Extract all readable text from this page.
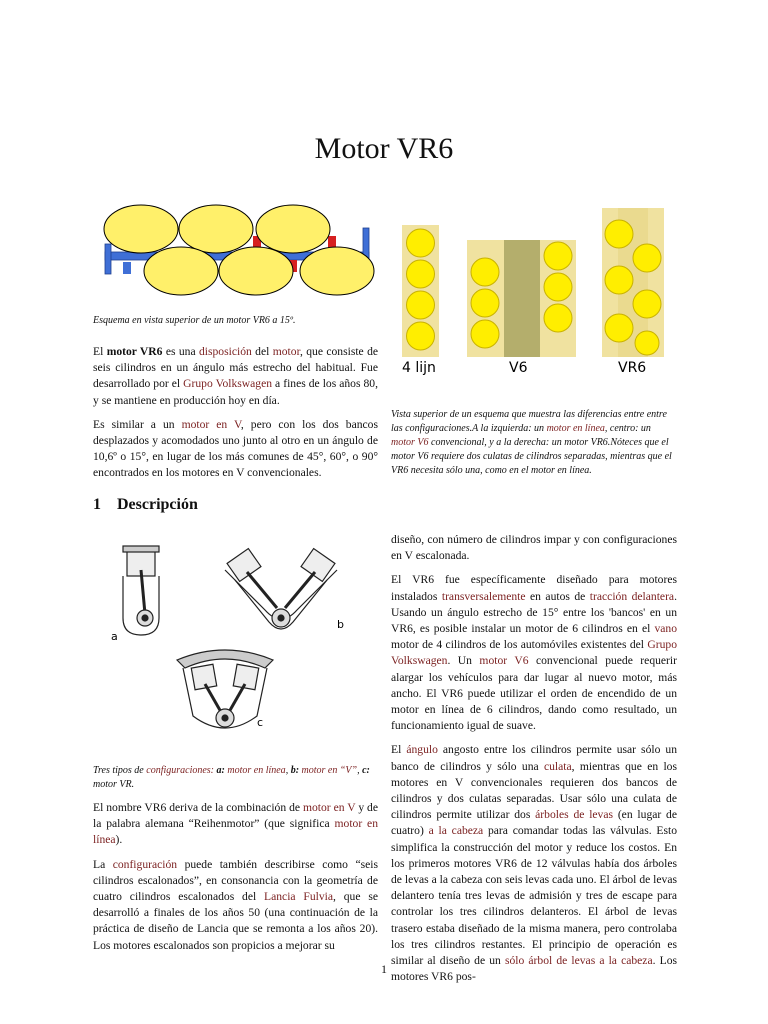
Motor VR6
Esquema en vista superior de un motor VR6 a 15º.
4 lijn	V6	VR6
Vista superior de un esquema que muestra las diferencias entre entre las configuraciones.A la izquierda: un motor en línea, centro: un motor V6 convencional, y a la derecha: un motor VR6.Nóteces que el motor V6 requiere dos culatas de cilindros separadas, mientras que el VR6 necesita sólo una, como en el motor en línea.

El motor VR6 es una disposición del motor, que consiste de seis cilindros en un ángulo más estrecho del habitual. Fue desarrollado por el Grupo Volkswagen a fines de los años 80, y se mantiene en producción hoy en día.

Es similar a un motor en V, pero con los dos bancos desplazados y acomodados uno junto al otro en un ángulo de 10,6º o 15°, en lugar de los más comunes de 45°, 60°, o 90° encontrados en los motores en V convencionales.

1 Descripción
a
b
c
Tres tipos de configuraciones: a: motor en línea, b: motor en “V”, c: motor VR.

El nombre VR6 deriva de la combinación de motor en V y de la palabra alemana “Reihenmotor” (que significa motor en línea).

La configuración puede también describirse como “seis cilindros escalonados”, en consonancia con la geometría de cuatro cilindros escalonados del Lancia Fulvia, que se desarrolló a finales de los años 50 (una continuación de la práctica de diseño de Lancia que se remonta a los años 20). Los motores escalonados son propicios a mejorar su

diseño, con número de cilindros impar y con configuraciones en V escalonada.

El VR6 fue específicamente diseñado para motores instalados transversalemente en autos de tracción delantera. Usando un ángulo estrecho de 15° entre los 'bancos' en un VR6, es posible instalar un motor de 6 cilindros en el vano motor de 4 cilindros de los automóviles existentes del Grupo Volkswagen. Un motor V6 convencional puede requerir alargar los vehículos para dar lugar al nuevo motor, más ancho. El VR6 puede utilizar el orden de encendido de un motor en línea de 6 cilindros, dando como resultado, un funcionamiento igual de suave.

El ángulo angosto entre los cilindros permite usar sólo un banco de cilindros y sólo una culata, mientras que en los motores en V convencionales requieren dos bancos de cilindros y dos culatas separadas. Usar sólo una culata de cilindros permite utilizar dos árboles de levas (en lugar de cuatro) a la cabeza para comandar todas las válvulas. Esto simplifica la construcción del motor y reduce los costos. En los primeros motores VR6 de 12 válvulas había dos árboles de levas a la cabeza con seis levas cada uno. El árbol de levas delantero tenía tres levas de admisión y tres de escape para controlar los tres cilindros delanteros. El árbol de levas trasero estaba diseñado de la misma manera, pero controlaba los tres cilindros restantes. El principio de operación es similar al diseño de un sólo árbol de levas a la cabeza. Los motores VR6 pos-

1
